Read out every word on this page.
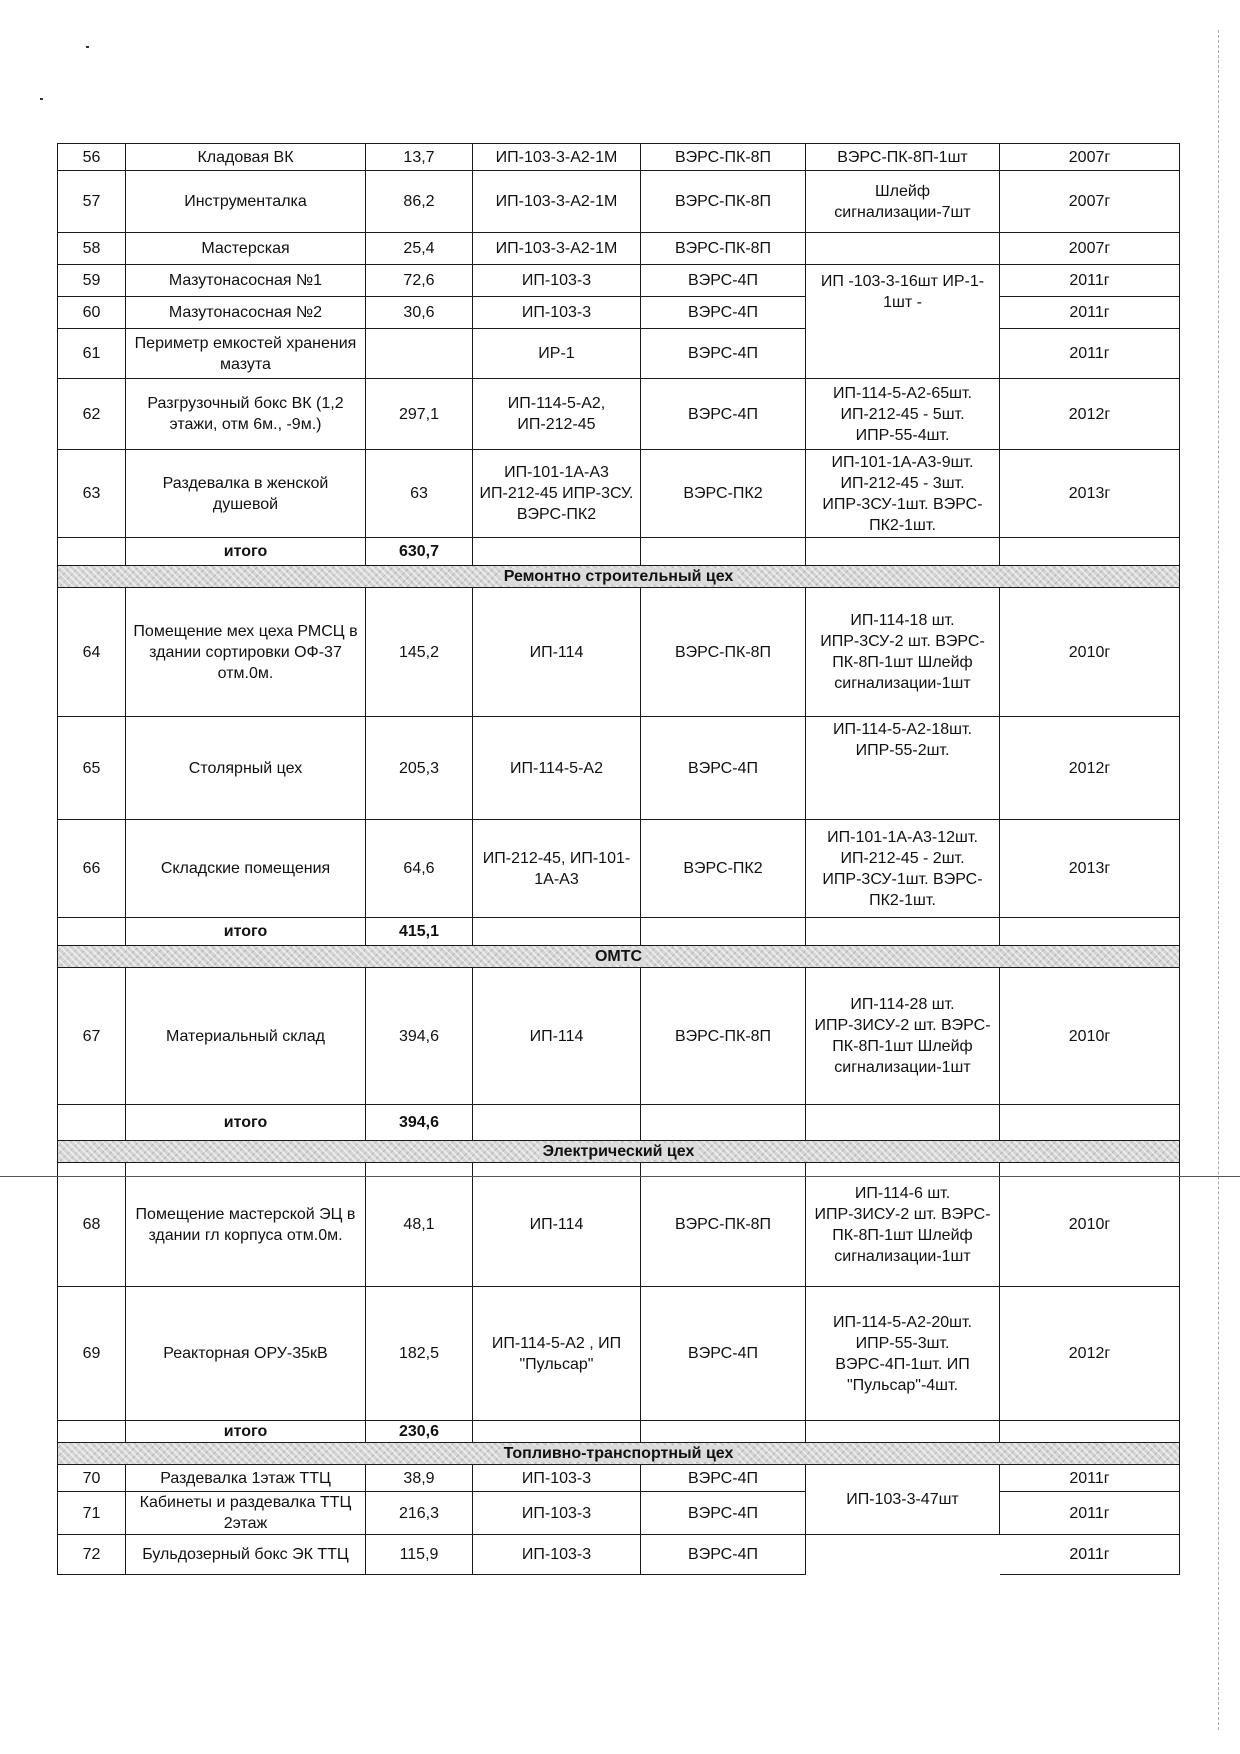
56	Кладовая ВК	13,7	ИП-103-3-А2-1М	ВЭРС-ПК-8П	ВЭРС-ПК-8П-1шт	2007г
57	Инструменталка	86,2	ИП-103-3-А2-1М	ВЭРС-ПК-8П	Шлейф сигнализации-7шт	2007г
58	Мастерская	25,4	ИП-103-3-А2-1М	ВЭРС-ПК-8П		2007г
59	Мазутонасосная №1	72,6	ИП-103-3	ВЭРС-4П	ИП -103-3-16шт ИР-1-1шт -	2011г
60	Мазутонасосная №2	30,6	ИП-103-3	ВЭРС-4П		2011г
61	Периметр емкостей хранения мазута		ИР-1	ВЭРС-4П		2011г
62	Разгрузочный бокс ВК (1,2 этажи, отм 6м., -9м.)	297,1	ИП-114-5-А2, ИП-212-45	ВЭРС-4П	ИП-114-5-А2-65шт. ИП-212-45 - 5шт. ИПР-55-4шт.	2012г
63	Раздевалка в женской душевой	63	ИП-101-1А-А3 ИП-212-45 ИПР-3СУ. ВЭРС-ПК2	ВЭРС-ПК2	ИП-101-1А-А3-9шт. ИП-212-45 - 3шт. ИПР-3СУ-1шт. ВЭРС-ПК2-1шт.	2013г
	итого	630,7				
Ремонтно строительный цех						
64	Помещение мех цеха РМСЦ в здании сортировки ОФ-37 отм.0м.	145,2	ИП-114	ВЭРС-ПК-8П	ИП-114-18 шт. ИПР-3СУ-2 шт. ВЭРС-ПК-8П-1шт Шлейф сигнализации-1шт	2010г
65	Столярный цех	205,3	ИП-114-5-А2	ВЭРС-4П	ИП-114-5-А2-18шт. ИПР-55-2шт.	2012г
66	Складские помещения	64,6	ИП-212-45, ИП-101-1А-А3	ВЭРС-ПК2	ИП-101-1А-А3-12шт. ИП-212-45 - 2шт. ИПР-3СУ-1шт. ВЭРС-ПК2-1шт.	2013г
	итого	415,1				
ОМТС						
67	Материальный склад	394,6	ИП-114	ВЭРС-ПК-8П	ИП-114-28 шт. ИПР-3ИСУ-2 шт. ВЭРС-ПК-8П-1шт Шлейф сигнализации-1шт	2010г
	итого	394,6				
Электрический цех						
68	Помещение мастерской ЭЦ в здании гл корпуса отм.0м.	48,1	ИП-114	ВЭРС-ПК-8П	ИП-114-6 шт. ИПР-3ИСУ-2 шт. ВЭРС-ПК-8П-1шт Шлейф сигнализации-1шт	2010г
69	Реакторная ОРУ-35кВ	182,5	ИП-114-5-А2 , ИП "Пульсар"	ВЭРС-4П	ИП-114-5-А2-20шт. ИПР-55-3шт. ВЭРС-4П-1шт. ИП "Пульсар"-4шт.	2012г
	итого	230,6				
Топливно-транспортный цех						
70	Раздевалка 1этаж ТТЦ	38,9	ИП-103-3	ВЭРС-4П	ИП-103-3-47шт	2011г
71	Кабинеты и раздевалка ТТЦ 2этаж	216,3	ИП-103-3	ВЭРС-4П		2011г
72	Бульдозерный бокс ЭК ТТЦ	115,9	ИП-103-3	ВЭРС-4П		2011г
